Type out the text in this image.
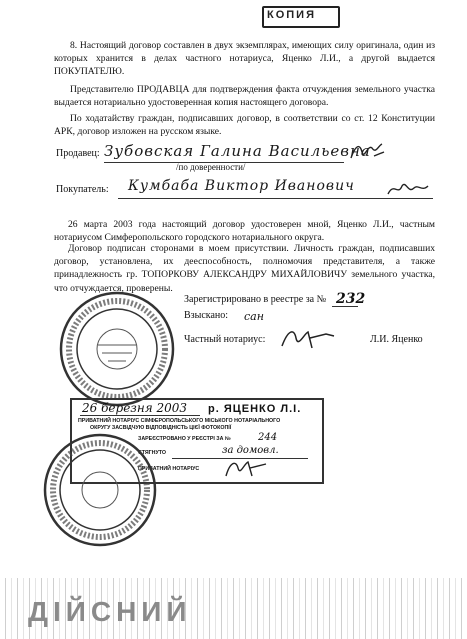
КОПИЯ
8. Настоящий договор составлен в двух экземплярах, имеющих силу оригинала, один из которых хранится в делах частного нотариуса, Яценко Л.И., а другой выдается ПОКУПАТЕЛЮ.
Представителю ПРОДАВЦА для подтверждения факта отчуждения земельного участка выдается нотариально удостоверенная копия настоящего договора.
По ходатайству граждан, подписавших договор, в соответствии со ст. 12 Конституции АРК, договор изложен на русском языке.
Продавец: Зубовская Галина Васильевна
/по доверенности/
Покупатель: Кумбаба Виктор Иванович
26 марта 2003 года настоящий договор удостоверен мной, Яценко Л.И., частным нотариусом Симферопольского городского нотариального округа.
Договор подписан сторонами в моем присутствии. Личность граждан, подписавших договор, установлена, их дееспособность, полномочия представителя, а также принадлежность гр. ТОПОРКОВУ АЛЕКСАНДРУ МИХАЙЛОВИЧУ земельного участка, что отчуждается, проверены.
Зарегистрировано в реестре за № 232
Взыскано: сан
Частный нотариус:	Л.И. Яценко
26 березня 2003 р. ЯЦЕНКО Л.І.
ПРИВАТНИЙ НОТАРІУС СІМФЕРОПОЛЬСЬКОГО МІСЬКОГО НОТАРІАЛЬНОГО
ОКРУГУ ЗАСВІДЧУЮ ВІДПОВІДНІСТЬ ЦІЄЇ ФОТОКОПІЇ
ЗАРЕЄСТРОВАНО У РЕЄСТРІ ЗА №	244
СТЯГНУТО	за домовл.
ПРИВАТНИЙ НОТАРІУС
ДІЙСНИЙ
